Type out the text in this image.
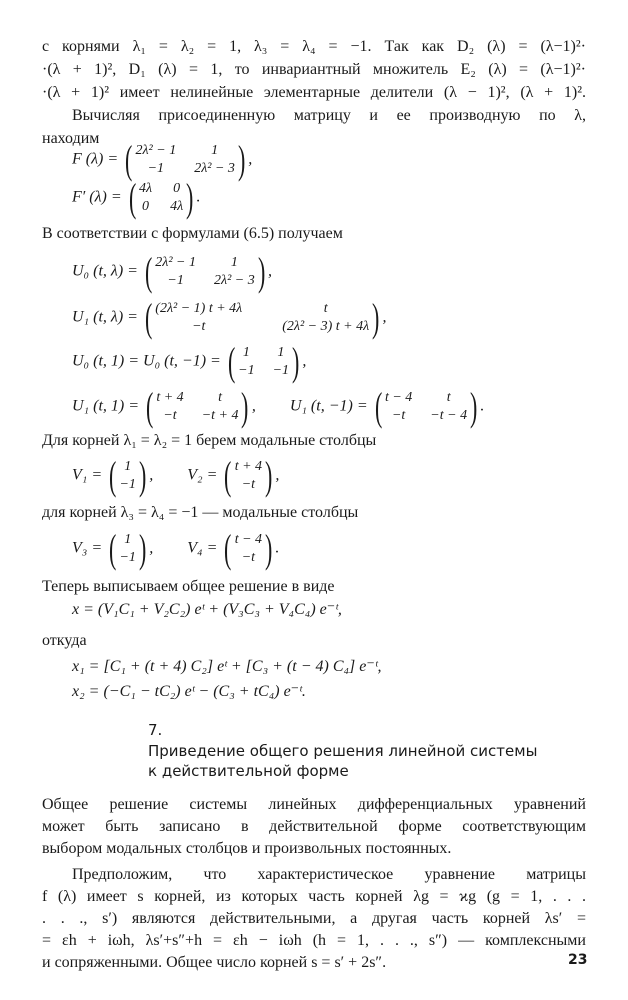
с корнями λ₁ = λ₂ = 1, λ₃ = λ₄ = −1. Так как D₂ (λ) = (λ−1)²·
·(λ + 1)², D₁ (λ) = 1, то инвариантный множитель E₂ (λ) = (λ−1)²·
·(λ + 1)² имеет нелинейные элементарные делители (λ − 1)², (λ + 1)².
Вычисляя присоединенную матрицу и ее производную по λ,
находим
F (λ) = ( 2λ² − 1	1
−1	2λ² − 3 ) ,
F′ (λ) = ( 4λ 0
0 4λ ) .
В соответствии с формулами (6.5) получаем
U₀ (t, λ) = ( 2λ² − 1	1
−1	2λ² − 3 ) ,
U₁ (t, λ) = ( (2λ² − 1) t + 4λ	t
−t	(2λ² − 3) t + 4λ ) ,
U₀ (t, 1) = U₀ (t, −1) = ( 1	1
−1 −1 ) ,
U₁ (t, 1) = ( t + 4	t
−t	−t + 4 ) , U₁ (t, −1) = ( t − 4	t
−t	−t − 4 ) .
Для корней λ₁ = λ₂ = 1 берем модальные столбцы
V₁ = ( 1
−1 ) , V₂ = ( t + 4
−t ) ,
для корней λ₃ = λ₄ = −1 — модальные столбцы
V₃ = ( 1
−1 ) , V₄ = ( t − 4
−t ) .
Теперь выписываем общее решение в виде
x = (V₁C₁ + V₂C₂) eᵗ + (V₃C₃ + V₄C₄) e⁻ᵗ,
откуда
x₁ = [C₁ + (t + 4) C₂] eᵗ + [C₃ + (t − 4) C₄] e⁻ᵗ,
x₂ = (−C₁ − tC₂) eᵗ − (C₃ + tC₄) e⁻ᵗ.
7.
Приведение общего решения линейной системы
к действительной форме
Общее решение системы линейных дифференциальных уравнений
может быть записано в действительной форме соответствующим
выбором модальных столбцов и произвольных постоянных.
Предположим, что характеристическое уравнение матрицы
f (λ) имеет s корней, из которых часть корней λg = ϰg (g = 1, . . .
. . ., s′) являются действительными, а другая часть корней λs′ =
= εh + iωh, λs′+s″+h = εh − iωh (h = 1, . . ., s″) — комплексными
и сопряженными. Общее число корней s = s′ + 2s″.	23
